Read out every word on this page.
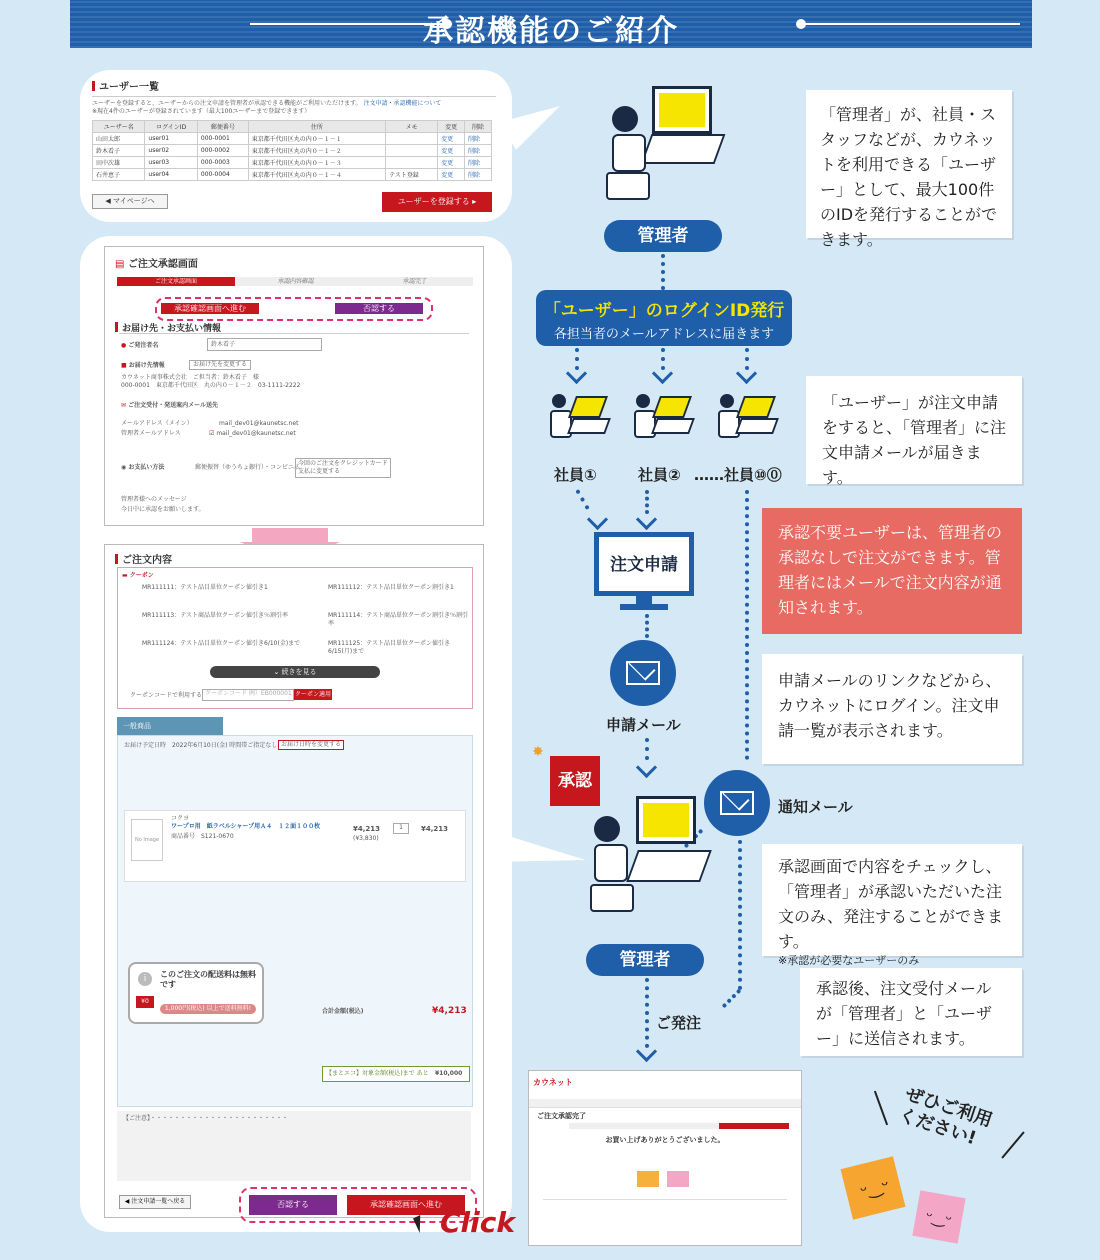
承認機能のご紹介
ユーザー一覧
ユーザーを登録すると、ユーザーからの注文申請を管理者が承認できる機能がご利用いただけます。 注文申請・承認機能について
※現在4件のユーザーが登録されています（最大100ユーザーまで登録できます）
ユーザー名	ログインID	郵便番号	住所	メモ	変更	削除
山田太郎	user01	000-0001	東京都千代田区丸の内０－１－１		変更	削除
鈴木看子	user02	000-0002	東京都千代田区丸の内０－１－２		変更	削除
田中次雄	user03	000-0003	東京都千代田区丸の内０－１－３		変更	削除
石井恵子	user04	000-0004	東京都千代田区丸の内０－１－４	テスト登録	変更	削除
◀ マイページへ	ユーザーを登録する ▸
▤ ご注文承認画面
ご注文承認画面	承認内容確認	承認完了
承認確認画面へ進む	否認する
お届け先・お支払い情報
● ご発注者名	鈴木看子
■ お届け先情報	お届け先を変更する
カウネット商事株式会社　ご担当者：鈴木看子　様
000-0001　東京都千代田区　丸の内０－１－２　03-1111-2222
✉ ご注文受付・発送案内メール送先
メールアドレス（メイン）	mail_dev01@kaunetsc.net
管理者メールアドレス	☑ mail_dev01@kaunetsc.net
◉ お支払い方法	郵便振替（ゆうちょ銀行）・コンビニ払
今回のご注文をクレジットカード支払に変更する
管理者様へのメッセージ
今日中に承認をお願いします。
ご注文内容
▬ クーポン
MR111111：テスト品目単位クーポン値引き1	MR111112：テスト品目単位クーポン割引き1
MR111113：テスト商品単位クーポン値引き％割引率	MR111114：テスト商品単位クーポン割引き％割引率
MR111124：テスト品目単位クーポン値引き6/10(金)まで	MR111125：テスト品目単位クーポン値引き6/15(月)まで
⌄ 続きを見る
クーポンコードで利用する クーポンコード 例）EB000001 クーポン適用
一般商品
お届け予定日時　2022年6月10日(金) 時間帯ご指定なし お届け日時を変更する
No Image
コクヨ
ワープロ用　紙ラベルシャープ用Ａ４　１２面１００枚
商品番号　S121-0670
¥4,213
(¥3,830)
1	¥4,213
i	このご注文の配送料は無料です
¥0
1,000円(税込) 以上で送料無料!	合計金額(税込)	¥4,213
【まとエコ】対象金額(税込)まで あと ¥10,000
【ご注意】・・・・・・・・・・・・・・・・・・・・・・・
◀ 注文申請一覧へ戻る	否認する	承認確認画面へ進む
Click
管理者
「ユーザー」のログインID発行
各担当者のメールアドレスに届きます
社員①	社員② ……社員⑩⓪
注文申請
申請メール
通知メール
承認
✸
管理者
ご発注
「管理者」が、社員・スタッフなどが、カウネットを利用できる「ユーザー」として、最大100件のIDを発行することができます。
「ユーザー」が注文申請をすると、「管理者」に注文申請メールが届きます。
承認不要ユーザーは、管理者の承認なしで注文ができます。管理者にはメールで注文内容が通知されます。
申請メールのリンクなどから、カウネットにログイン。注文申請一覧が表示されます。
承認画面で内容をチェックし、「管理者」が承認いただいた注文のみ、発注することができます。
※承認が必要なユーザーのみ
承認後、注文受付メールが「管理者」と「ユーザー」に送信されます。
カウネット
ご注文承認完了
お買い上げありがとうございました。
ぜひご利用ください!
ᵕ‿ᵕ
ᵕ‿ᵕ
